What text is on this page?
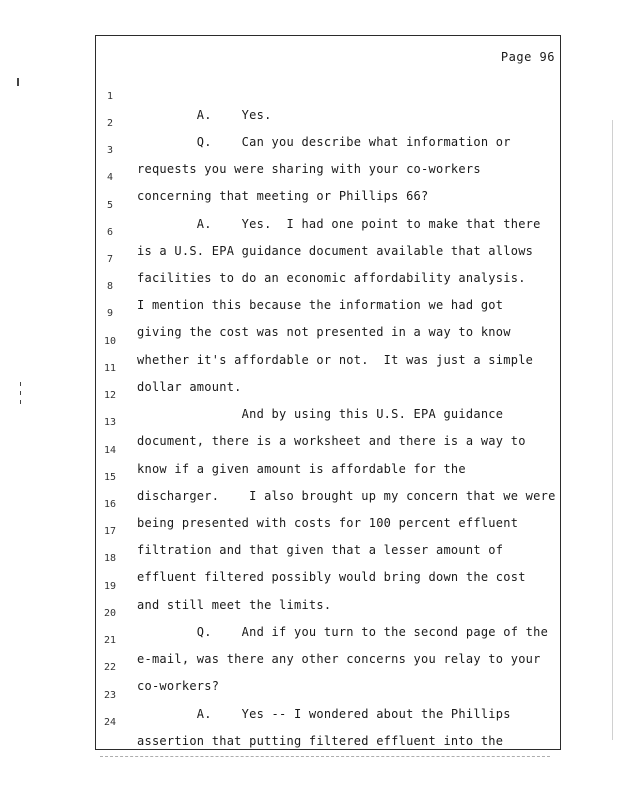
Page 96

1

A.    Yes.

2

Q.    Can you describe what information or

3

requests you were sharing with your co-workers

4

concerning that meeting or Phillips 66?

5

A.    Yes.  I had one point to make that there

6

is a U.S. EPA guidance document available that allows

7

facilities to do an economic affordability analysis.

8

I mention this because the information we had got

9

giving the cost was not presented in a way to know

10

whether it's affordable or not.  It was just a simple

11

dollar amount.

12

And by using this U.S. EPA guidance

13

document, there is a worksheet and there is a way to

14

know if a given amount is affordable for the

15

discharger.    I also brought up my concern that we were

16

being presented with costs for 100 percent effluent

17

filtration and that given that a lesser amount of

18

effluent filtered possibly would bring down the cost

19

and still meet the limits.

20

Q.    And if you turn to the second page of the

21

e-mail, was there any other concerns you relay to your

22

co-workers?

23

A.    Yes -- I wondered about the Phillips

24

assertion that putting filtered effluent into the
